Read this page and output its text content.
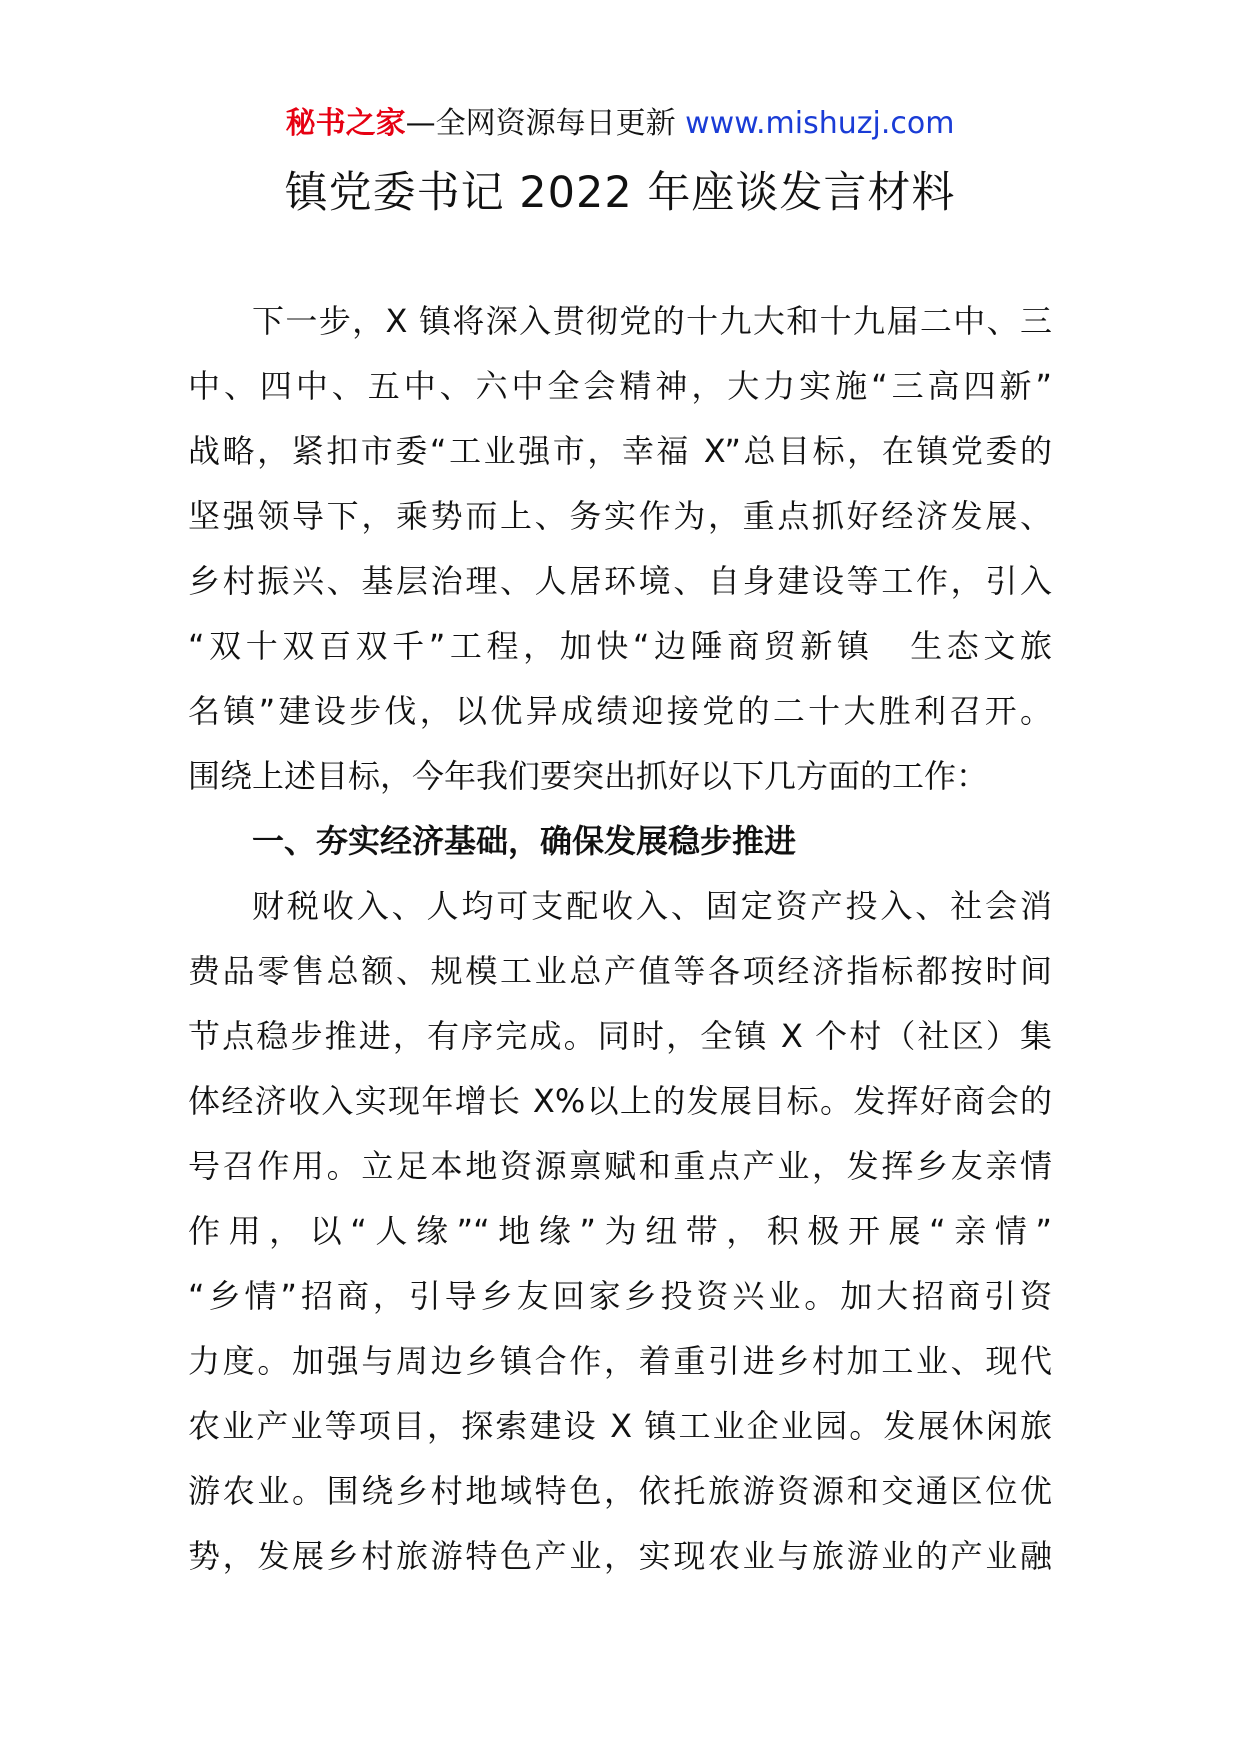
秘书之家—全网资源每日更新 www.mishuzj.com
镇党委书记 2022 年座谈发言材料
下一步，X 镇将深入贯彻党的十九大和十九届二中、三
中、四中、五中、六中全会精神，大力实施“三高四新”
战略，紧扣市委“工业强市，幸福 X”总目标，在镇党委的
坚强领导下，乘势而上、务实作为，重点抓好经济发展、
乡村振兴、基层治理、人居环境、自身建设等工作，引入
“双十双百双千”工程，加快“边陲商贸新镇　生态文旅
名镇”建设步伐，以优异成绩迎接党的二十大胜利召开。
围绕上述目标，今年我们要突出抓好以下几方面的工作：
一、夯实经济基础，确保发展稳步推进
财税收入、人均可支配收入、固定资产投入、社会消
费品零售总额、规模工业总产值等各项经济指标都按时间
节点稳步推进，有序完成。同时，全镇 X 个村（社区）集
体经济收入实现年增长 X%以上的发展目标。发挥好商会的
号召作用。立足本地资源禀赋和重点产业，发挥乡友亲情
作用，以“人缘”“地缘”为纽带，积极开展“亲情”
“乡情”招商，引导乡友回家乡投资兴业。加大招商引资
力度。加强与周边乡镇合作，着重引进乡村加工业、现代
农业产业等项目，探索建设 X 镇工业企业园。发展休闲旅
游农业。围绕乡村地域特色，依托旅游资源和交通区位优
势，发展乡村旅游特色产业，实现农业与旅游业的产业融
